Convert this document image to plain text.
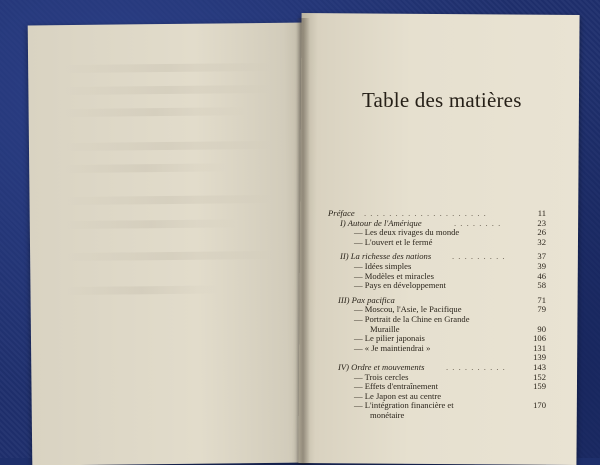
Table des matières
Préface . . . . . . . . . . . . . . . . . . . .	11
I) Autour de l'Amérique	. . . . . . . .	23
— Les deux rivages du monde	26
— L'ouvert et le fermé	32
II) La richesse des nations . . . . . . . . .	37
— Idées simples	39
— Modèles et miracles	46
— Pays en développement	58
III) Pax pacifica	71
— Moscou, l'Asie, le Pacifique	79
— Portrait de la Chine en Grande
Muraille	90
— Le pilier japonais	106
— « Je maintiendrai »	131
139
IV) Ordre et mouvements	. . . . . . . . . .	143
— Trois cercles	152
— Effets d'entraînement	159
— Le Japon est au centre
— L'intégration financière et	170
monétaire
